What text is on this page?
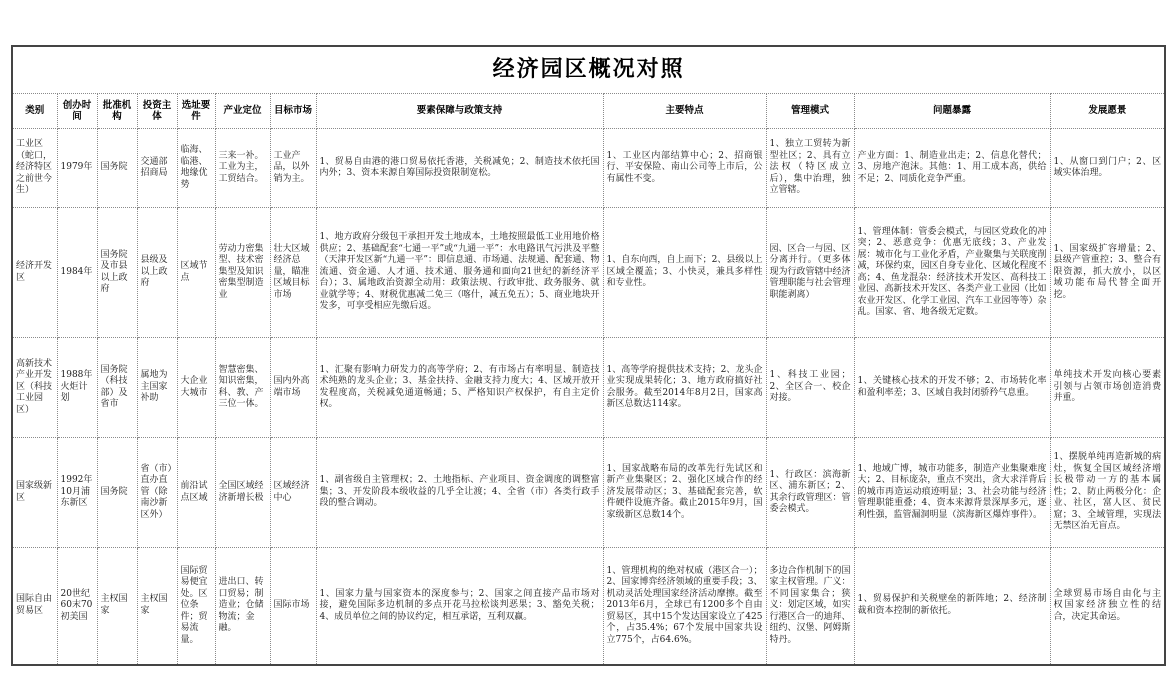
经济园区概况对照											
类别	创办时间	批准机构	投资主体	选址要件	产业定位	目标市场	要素保障与政策支持	主要特点	管理模式	问题暴露	发展愿景
工业区（蛇口，经济特区之前世今生）	1979年	国务院	交通部招商局	临海、临港、地缘优势	三来一补。工业为主，工贸结合。	工业产品，以外销为主。	1、贸易自由港的港口贸易依托香港，关税减免；2、制造技术依托国内外；3、资本来源自筹国际投资限制宽松。	1、工业区内部结算中心；2、招商银行、平安保险、南山公司等上市后，公有属性不变。	1、独立工贸转为新型社区；2、具有立法权（特区成立后），集中治理，独立管辖。	产业方面：1、制造业出走；2、信息化替代；3、房地产泡沫。其他：1、用工成本高，供给不足；2、同质化竞争严重。	1、从窗口到门户；2、区域实体治理。
经济开发区	1984年	国务院及市县以上政府	县级及以上政府	区域节点	劳动力密集型、技术密集型及知识密集型制造业	壮大区域经济总量，瞄准区域目标市场	1、地方政府分级包干承担开发土地成本，土地按照最低工业用地价格供应；2、基础配套“七通一平”或“九通一平”：水电路讯气污洪及平整（天津开发区新“九通一平”：即信息通、市场通、法规通、配套通、物流通、资金通、人才通、技术通、服务通和面向21世纪的新经济平台）；3、属地政治资源全动用：政策法规、行政审批、政务服务、就业就学等；4、财税优惠减二免三（喀什，减五免五）；5、商业地块开发多，可享受相应先缴后返。	1、自东向西，自上而下；2、县级以上区域全覆盖；3、小快灵，兼具多样性和专业性。	园、区合一与园、区分离并行。（更多体现为行政管辖中经济管理职能与社会管理职能剥离）	1、管理体制：管委会模式，与园区党政化的冲突；2、恶意竞争：优惠无底线；3、产业发展：城市化与工业化矛盾，产业聚集与关联度削减，环保约束，园区自身专业化、区域化程度不高；4、鱼龙混杂：经济技术开发区、高科技工业园、高新技术开发区、各类产业工业园（比如农业开发区、化学工业园、汽车工业园等等）杂乱。国家、省、地各级无定数。	1、国家级扩容增量；2、县级产管重控；3、整合有限资源，抓大放小，以区域功能布局代替全面开挖。
高新技术产业开发区（科技工业园区）	1988年火炬计划	国务院（科技部）及省市	属地为主国家补助	大企业大城市	智慧密集、知识密集，科、教、产三位一体。	国内外高端市场	1、汇聚有影响力研发力的高等学府；2、有市场占有率明显、制造技术纯熟的龙头企业；3、基金扶持、金融支持力度大；4、区域开放开发程度高，关税减免通道畅通；5、严格知识产权保护，有自主定价权。	1、高等学府提供技术支持；2、龙头企业实现成果转化；3、地方政府搞好社会服务。截至2014年8月2日，国家高新区总数达114家。	1、科技工业园；2、全区合一、校企对接。	1、关键核心技术的开发不够；2、市场转化率和盈利率差；3、区域自我封闭骄矜气息重。	单纯技术开发向核心要素引领与占领市场创造消费并重。
国家级新区	1992年10月浦东新区	国务院	省（市）直办直管（除南沙新区外）	前沿试点区域	全国区域经济新增长极	区域经济中心	1、副省级自主管理权；2、土地指标、产业项目、资金调度的调整富集；3、开发阶段本级收益的几乎全让渡；4、全省（市）各类行政手段的整合调动。	1、国家战略布局的改革先行先试区和新产业集聚区；2、强化区域合作的经济发展带动区；3、基础配套完善，软件硬件设施齐备。截止2015年9月，国家级新区总数14个。	1、行政区：滨海新区、浦东新区；2、其余行政管理区：管委会模式。	1、地域广博，城市功能多，制造产业集聚难度大；2、目标庞杂，重点不突出，贪大求洋背后的城市再造运动痕迹明显；3、社会功能与经济管理职能重叠；4、资本来源背景深厚多元，逐利性强，监管漏洞明显（滨海新区爆炸事件）。	1、摆脱单纯再造新城的病灶，恢复全国区域经济增长极带动一方的基本属性；2、防止两极分化：企业、社区，富人区、贫民窟；3、全域管理，实现法无禁区治无盲点。
国际自由贸易区	20世纪60末70初美国	主权国家	主权国家	国际贸易便宜处。区位条件；贸易流量。	进出口、转口贸易；制造业；仓储物流；金融。	国际市场	1、国家力量与国家资本的深度参与；2、国家之间直接产品市场对接，避免国际多边机制的多点开花马拉松谈判恶果；3、豁免关税；4、成员单位之间的协议约定，相互承诺，互利双赢。	1、管理机构的绝对权威（港区合一）；2、国家博弈经济领域的重要手段；3、机动灵活处理国家经济活动摩擦。截至2013年6月，全球已有1200多个自由贸易区，其中15个发达国家设立了425个，占35.4%；67个发展中国家共设立775个，占64.6%。	多边合作机制下的国家主权管理。广义：不同国家集合；狭义：划定区域，如实行港区合一的迪拜、纽约、汉堡、阿姆斯特丹。	1、贸易保护和关税壁垒的新阵地；2、经济制裁和资本控制的新依托。	全球贸易市场自由化与主权国家经济独立性的结合，决定其命运。
